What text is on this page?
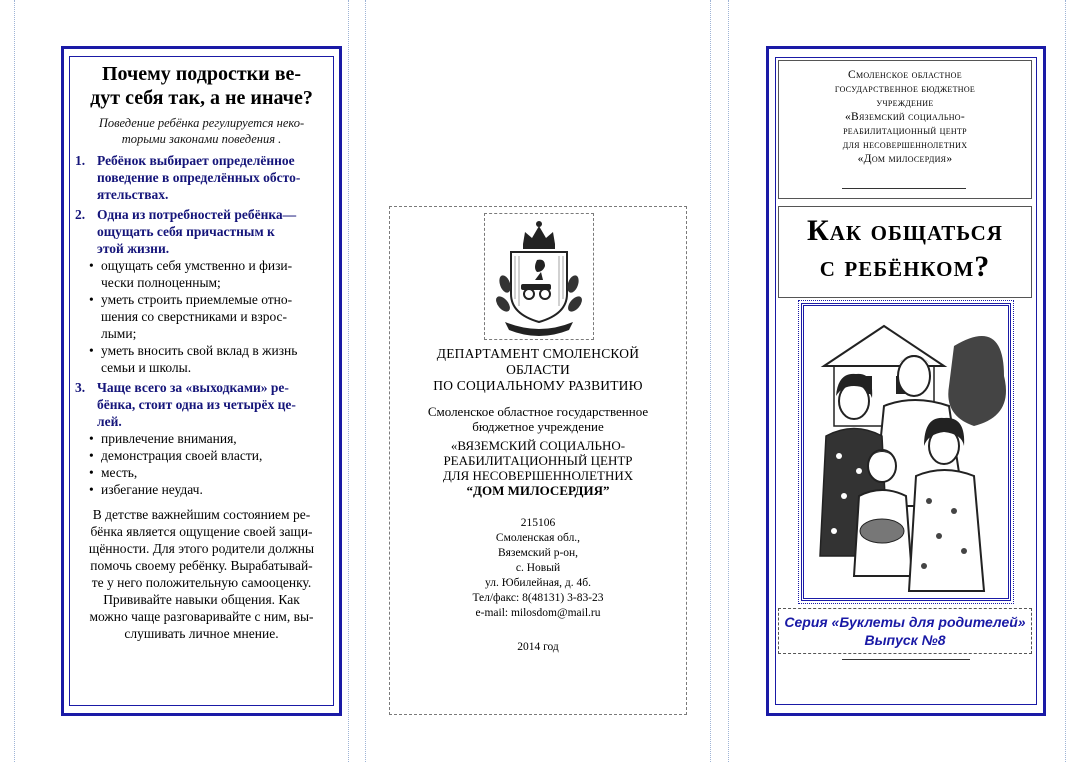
Почему подростки ве-
дут себя так, а не иначе?
Поведение ребёнка регулируется неко-
торыми законами поведения .
1. Ребёнок выбирает определённое
поведение в определённых обсто-
ятельствах.
2. Одна из потребностей ребёнка—
ощущать себя причастным к
этой жизни.
• ощущать себя умственно и физи-
чески полноценным;
• уметь строить приемлемые отно-
шения со сверстниками и взрос-
лыми;
• уметь вносить свой вклад в жизнь
семьи и школы.
3. Чаще всего за «выходками» ре-
бёнка, стоит одна из четырёх це-
лей.
• привлечение внимания,
• демонстрация своей власти,
• месть,
• избегание неудач.
В детстве важнейшим состоянием ре-
бёнка является ощущение своей защи-
щённости. Для этого родители должны
помочь своему ребёнку. Вырабатывай-
те у него положительную самооценку.
Прививайте навыки общения. Как
можно чаще разговаривайте с ним, вы-
слушивать личное мнение.
ДЕПАРТАМЕНТ СМОЛЕНСКОЙ
ОБЛАСТИ
ПО СОЦИАЛЬНОМУ РАЗВИТИЮ
Смоленское областное государственное
бюджетное учреждение
«ВЯЗЕМСКИЙ СОЦИАЛЬНО-
РЕАБИЛИТАЦИОННЫЙ ЦЕНТР
ДЛЯ НЕСОВЕРШЕННОЛЕТНИХ
“ДОМ МИЛОСЕРДИЯ”
215106
Смоленская обл.,
Вяземский р-он,
с. Новый
ул. Юбилейная, д. 4б.
Тел/факс: 8(48131) 3-83-23
e-mail: milosdom@mail.ru
2014 год
Смоленское областное
государственное бюджетное
учреждение
«Вяземский социально-
реабилитационный центр
для несовершеннолетних
«Дом милосердия»
Как общаться
с ребёнком?
Серия «Буклеты для родителей»
Выпуск №8
